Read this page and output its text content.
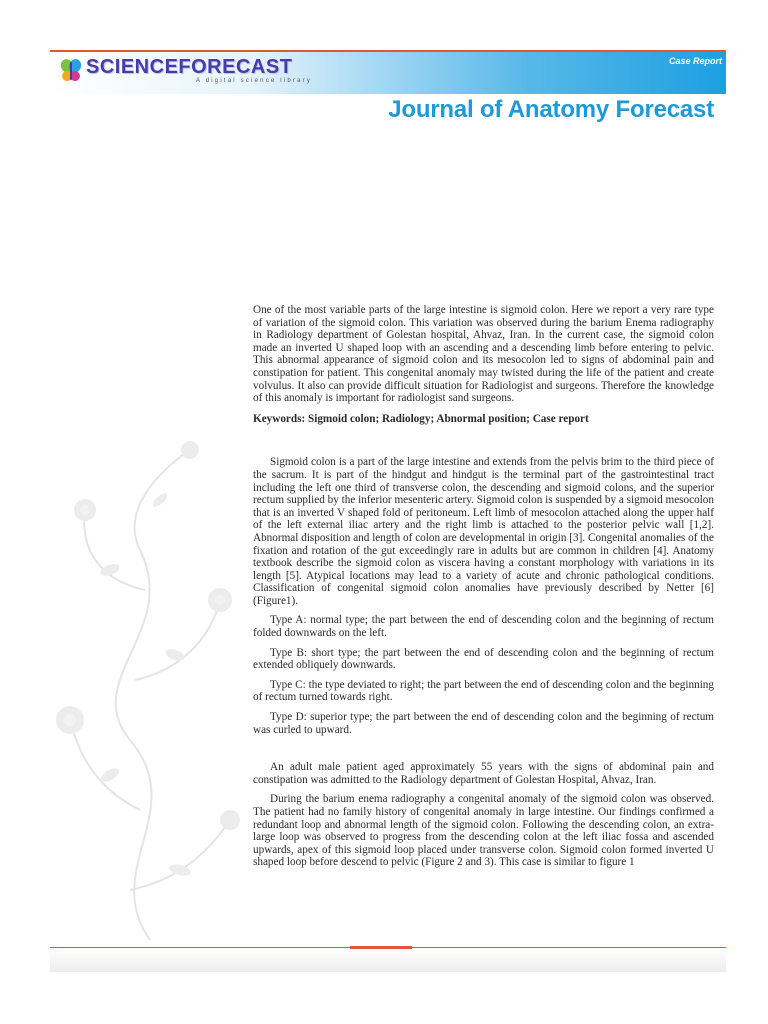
SCIENCEFORECAST
A digital science library
Case Report
Journal of Anatomy Forecast

One of the most variable parts of the large intestine is sigmoid colon. Here we report a very rare type of variation of the sigmoid colon. This variation was observed during the barium Enema radiography in Radiology department of Golestan hospital, Ahvaz, Iran. In the current case, the sigmoid colon made an inverted U shaped loop with an ascending and a descending limb before entering to pelvic. This abnormal appearance of sigmoid colon and its mesocolon led to signs of abdominal pain and constipation for patient. This congenital anomaly may twisted during the life of the patient and create volvulus. It also can provide difficult situation for Radiologist and surgeons. Therefore the knowledge of this anomaly is important for radiologist sand surgeons.

Keywords: Sigmoid colon; Radiology; Abnormal position; Case report

Sigmoid colon is a part of the large intestine and extends from the pelvis brim to the third piece of the sacrum. It is part of the hindgut and hindgut is the terminal part of the gastrointestinal tract including the left one third of transverse colon, the descending and sigmoid colons, and the superior rectum supplied by the inferior mesenteric artery. Sigmoid colon is suspended by a sigmoid mesocolon that is an inverted V shaped fold of peritoneum. Left limb of mesocolon attached along the upper half of the left external iliac artery and the right limb is attached to the posterior pelvic wall [1,2]. Abnormal disposition and length of colon are developmental in origin [3]. Congenital anomalies of the fixation and rotation of the gut exceedingly rare in adults but are common in children [4]. Anatomy textbook describe the sigmoid colon as viscera having a constant morphology with variations in its length [5]. Atypical locations may lead to a variety of acute and chronic pathological conditions. Classification of congenital sigmoid colon anomalies have previously described by Netter [6] (Figure1).

Type A: normal type; the part between the end of descending colon and the beginning of rectum folded downwards on the left.

Type B: short type; the part between the end of descending colon and the beginning of rectum extended obliquely downwards.

Type C: the type deviated to right; the part between the end of descending colon and the beginning of rectum turned towards right.

Type D: superior type; the part between the end of descending colon and the beginning of rectum was curled to upward.

An adult male patient aged approximately 55 years with the signs of abdominal pain and constipation was admitted to the Radiology department of Golestan Hospital, Ahvaz, Iran.

During the barium enema radiography a congenital anomaly of the sigmoid colon was observed. The patient had no family history of congenital anomaly in large intestine. Our findings confirmed a redundant loop and abnormal length of the sigmoid colon. Following the descending colon, an extra-large loop was observed to progress from the descending colon at the left iliac fossa and ascended upwards, apex of this sigmoid loop placed under transverse colon. Sigmoid colon formed inverted U shaped loop before descend to pelvic (Figure 2 and 3). This case is similar to figure 1
